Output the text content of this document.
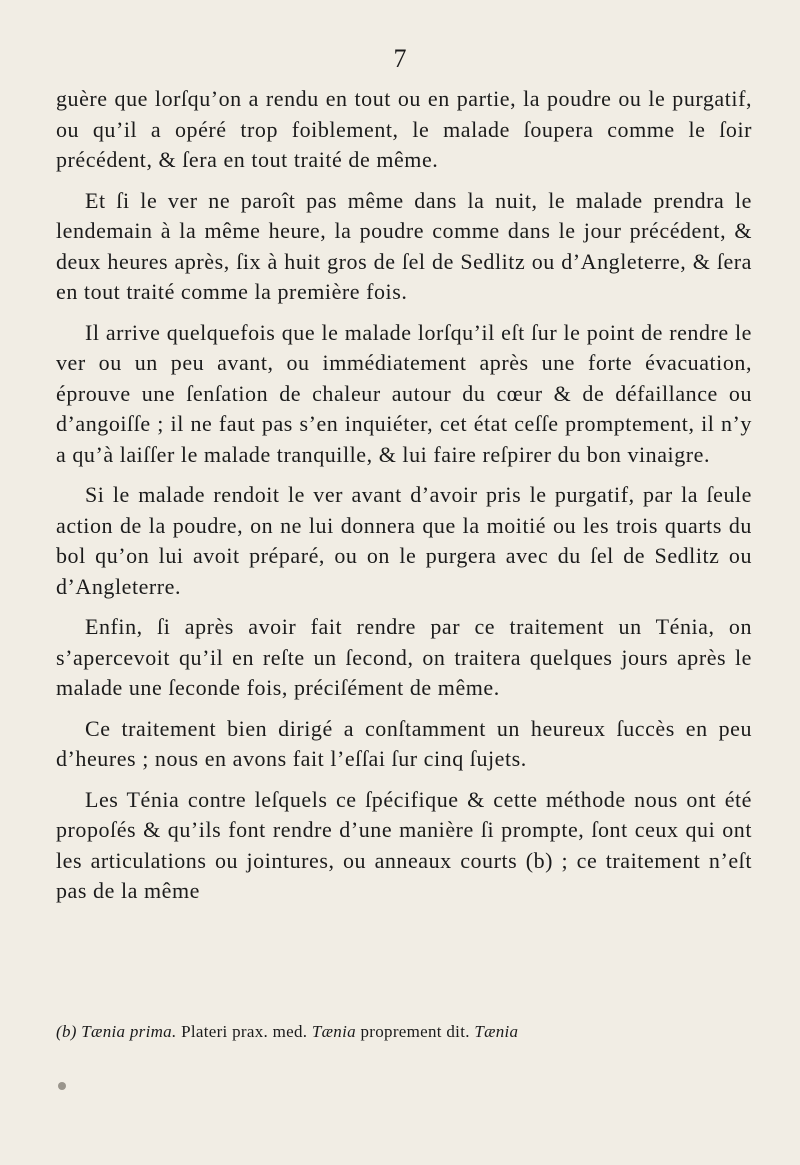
7

guère que lorſqu’on a rendu en tout ou en partie, la poudre ou le purgatif, ou qu’il a opéré trop foiblement, le malade ſoupera comme le ſoir précédent, & ſera en tout traité de même.

Et ſi le ver ne paroît pas même dans la nuit, le malade prendra le lendemain à la même heure, la poudre comme dans le jour précédent, & deux heures après, ſix à huit gros de ſel de Sedlitz ou d’Angleterre, & ſera en tout traité comme la première fois.

Il arrive quelquefois que le malade lorſqu’il eſt ſur le point de rendre le ver ou un peu avant, ou immédiatement après une forte évacuation, éprouve une ſenſation de chaleur autour du cœur & de défaillance ou d’angoiſſe ; il ne faut pas s’en inquiéter, cet état ceſſe promptement, il n’y a qu’à laiſſer le malade tranquille, & lui faire reſpirer du bon vinaigre.

Si le malade rendoit le ver avant d’avoir pris le purgatif, par la ſeule action de la poudre, on ne lui donnera que la moitié ou les trois quarts du bol qu’on lui avoit préparé, ou on le purgera avec du ſel de Sedlitz ou d’Angleterre.

Enfin, ſi après avoir fait rendre par ce traitement un Ténia, on s’apercevoit qu’il en reſte un ſecond, on traitera quelques jours après le malade une ſeconde fois, préciſément de même.

Ce traitement bien dirigé a conſtamment un heureux ſuccès en peu d’heures ; nous en avons fait l’eſſai ſur cinq ſujets.

Les Ténia contre leſquels ce ſpécifique & cette méthode nous ont été propoſés & qu’ils font rendre d’une manière ſi prompte, ſont ceux qui ont les articulations ou jointures, ou anneaux courts (b) ; ce traitement n’eſt pas de la même

(b) Tænia prima. Plateri prax. med. Tænia proprement dit. Tænia
